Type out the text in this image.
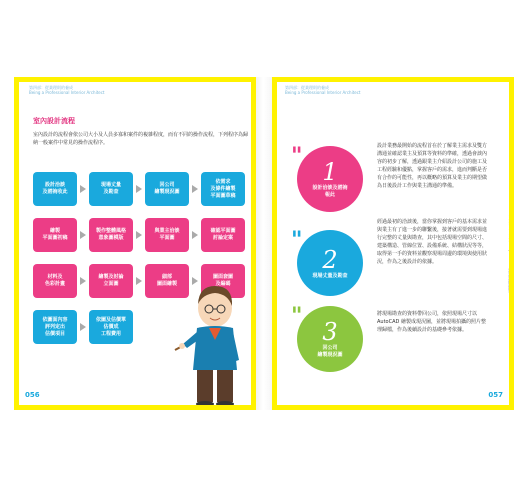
第四部：從業理則的養成
Being a Professional Interior Architect
室內設計流程
室內設計的流程會依公司大小及人員多寡和案件的複雜程度，而有不同的操作流程，下列程序為歸納一般案件中常見的操作流程序。
設計洽談
及諮詢收此
現場丈量
及勘查
回公司
繪製現況圖
依需求
及條件繪製
平面圖草稿
繪製
平面圖初稿
製作整體風格
意象圖模版
與業主洽談
平面圖
確認平面圖
討論定案
材料及
色彩計畫
繪製及討論
立面圖
細部
圖面繪製
圖面套圖
及編碼
依圖面內容
評列定出
估價項目
依圖及估價單
估價成
工程費用
056
第四部：從業理則的養成
Being a Professional Interior Architect
"
1
設計洽談及諮詢
報此
設計業務最開始的流程首在於了解業主需求及雙方溝通並確認業主及預算等資料的準確，透過會談內容的初步了解，透過跟業主介紹設計公司的施工及工程經驗和優點，掌握客戶的需求，進而判斷是否有合作的可能性，再以概略的預算及業主的期望做為日後設計工作與業主溝通的準備。
"
2
現場丈量及勘查
經過最初的洽談後，當你掌握到客戶的基本需求並與業主有了進一步的聯繫後，接著就需要到現場進行完整的丈量與勘查，其中包括現場空間的尺寸、建築構造、管線位置、設備系統、結構狀況等等，取得第一手的資料並觀察現場周邊的環境與使用狀況，作為之後設計的依據。
"
3
回公司
繪製現況圖
將現場勘查的資料帶回公司，依照現場尺寸以 AutoCAD 繪製成現況圖，並將現場拍攝的照片整理歸檔，作為後續設計的基礎參考依據。
PART 4 業務設計流程
Chapter 1 — 設計流程總覽
057
